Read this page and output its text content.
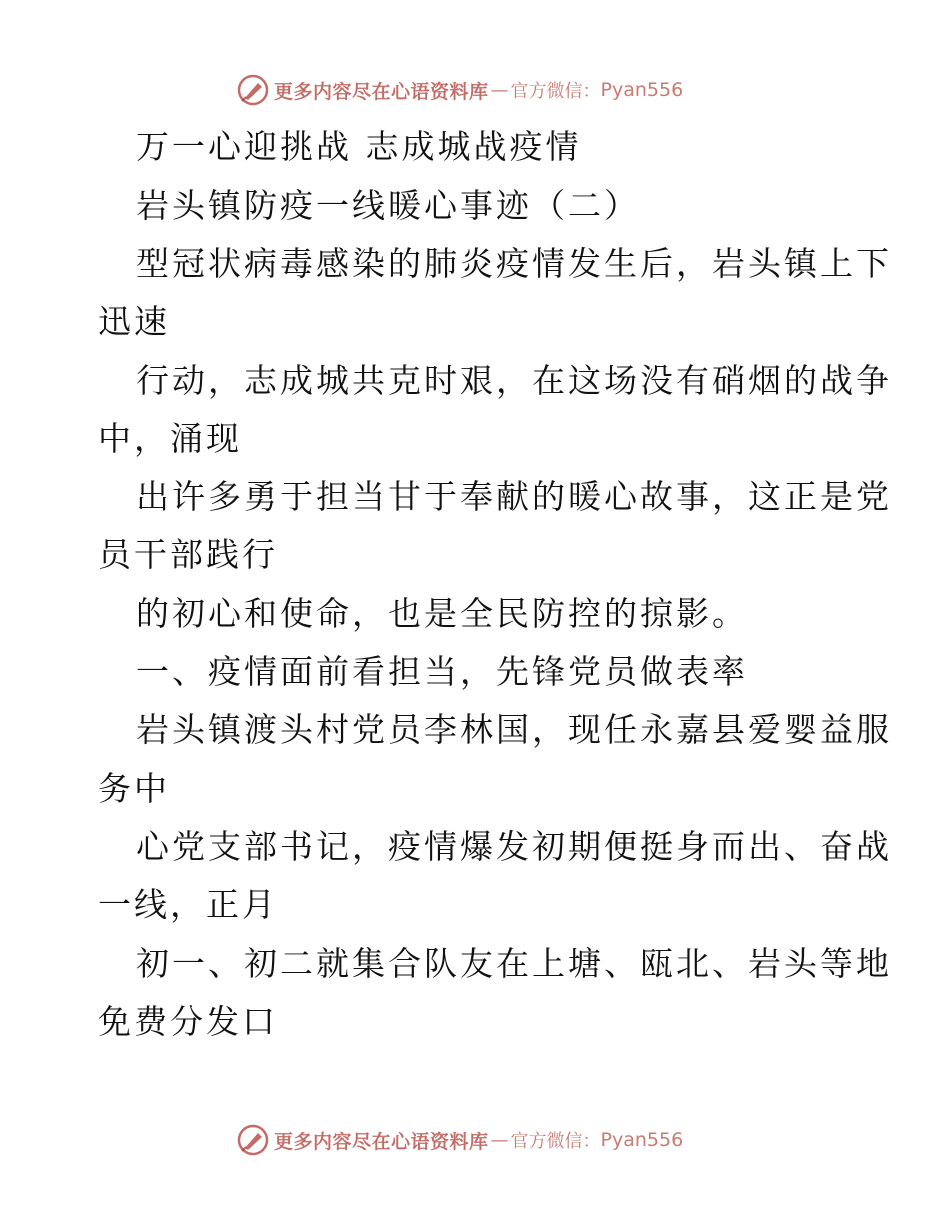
更多内容尽在心语资料库 — 官方微信： Pyan556
万一心迎挑战 志成城战疫情
岩头镇防疫一线暖心事迹（二）
型冠状病毒感染的肺炎疫情发生后，岩头镇上下
迅速
行动，志成城共克时艰，在这场没有硝烟的战争
中，涌现
出许多勇于担当甘于奉献的暖心故事，这正是党
员干部践行
的初心和使命，也是全民防控的掠影。
一、疫情面前看担当，先锋党员做表率
岩头镇渡头村党员李林国，现任永嘉县爱婴益服
务中
心党支部书记，疫情爆发初期便挺身而出、奋战
一线，正月
初一、初二就集合队友在上塘、瓯北、岩头等地
免费分发口
更多内容尽在心语资料库 — 官方微信： Pyan556
